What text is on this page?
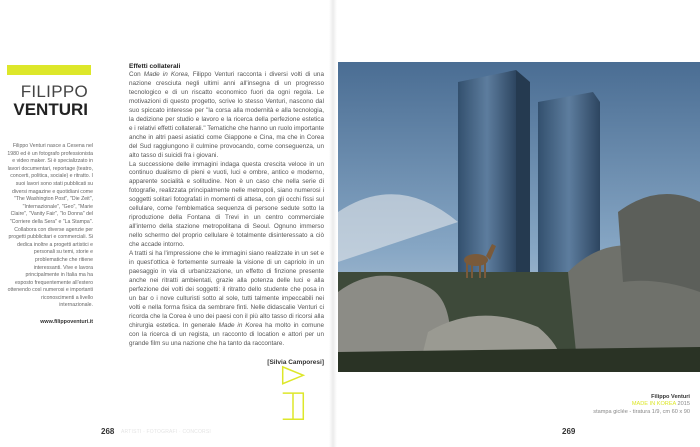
FILIPPO
VENTURI
Filippo Venturi nasce a Cesena nel 1980 ed è un fotografo professionista e video maker. Si è specializzato in lavori documentari, reportage (teatro, concerti, politica, sociale) e ritratto. I suoi lavori sono stati pubblicati su diversi magazine e quotidiani come "The Washington Post", "Die Zeit", "Internazionale", "Geo", "Marie Claire", "Vanity Fair", "Io Donna" del "Corriere della Sera" e "La Stampa". Collabora con diverse agenzie per progetti pubblicitari e commerciali. Si dedica inoltre a progetti artistici e personali su temi, storie e problematiche che ritiene interessanti. Vive e lavora principalmente in Italia ma ha esposto frequentemente all'estero ottenendo così numerosi e importanti riconoscimenti a livello internazionale.
www.filippoventuri.it
Effetti collaterali

Con Made in Korea, Filippo Venturi racconta i diversi volti di una nazione cresciuta negli ultimi anni all'insegna di un progresso tecnologico e di un riscatto economico fuori da ogni regola. Le motivazioni di questo progetto, scrive lo stesso Venturi, nascono dal suo spiccato interesse per "la corsa alla modernità e alla tecnologia, la dedizione per studio e lavoro e la ricerca della perfezione estetica e i relativi effetti collaterali." Tematiche che hanno un ruolo importante anche in altri paesi asiatici come Giappone e Cina, ma che in Corea del Sud raggiungono il culmine provocando, come conseguenza, un alto tasso di suicidi fra i giovani.

La successione delle immagini indaga questa crescita veloce in un continuo dualismo di pieni e vuoti, luci e ombre, antico e moderno, apparente socialità e solitudine. Non è un caso che nella serie di fotografie, realizzata principalmente nelle metropoli, siano numerosi i soggetti solitari fotografati in momenti di attesa, con gli occhi fissi sul cellulare, come l'emblematica sequenza di persone sedute sotto la riproduzione della Fontana di Trevi in un centro commerciale all'interno della stazione metropolitana di Seoul. Ognuno immerso nello schermo del proprio cellulare è totalmente disinteressato a ciò che accade intorno.

A tratti si ha l'impressione che le immagini siano realizzate in un set e in quest'ottica è fortemente surreale la visione di un capriolo in un paesaggio in via di urbanizzazione, un effetto di finzione presente anche nei ritratti ambientati, grazie alla potenza delle luci e alla perfezione dei volti dei soggetti: il ritratto dello studente che posa in un bar o i nove culturisti sotto al sole, tutti talmente impeccabili nei volti e nella forma fisica da sembrare finti. Nelle didascalie Venturi ci ricorda che la Corea è uno dei paesi con il più alto tasso di ricorsi alla chirurgia estetica. In generale Made in Korea ha molto in comune con la ricerca di un regista, un racconto di location e attori per un grande film su una nazione che ha tanto da raccontare.

[Silvia Camporesi]
268 ARTISTI · FOTOGRAFI · CONCORSI
Filippo Venturi
MADE IN KOREA 2015
stampa giclée - tiratura 1/9, cm 60 x 90
269
